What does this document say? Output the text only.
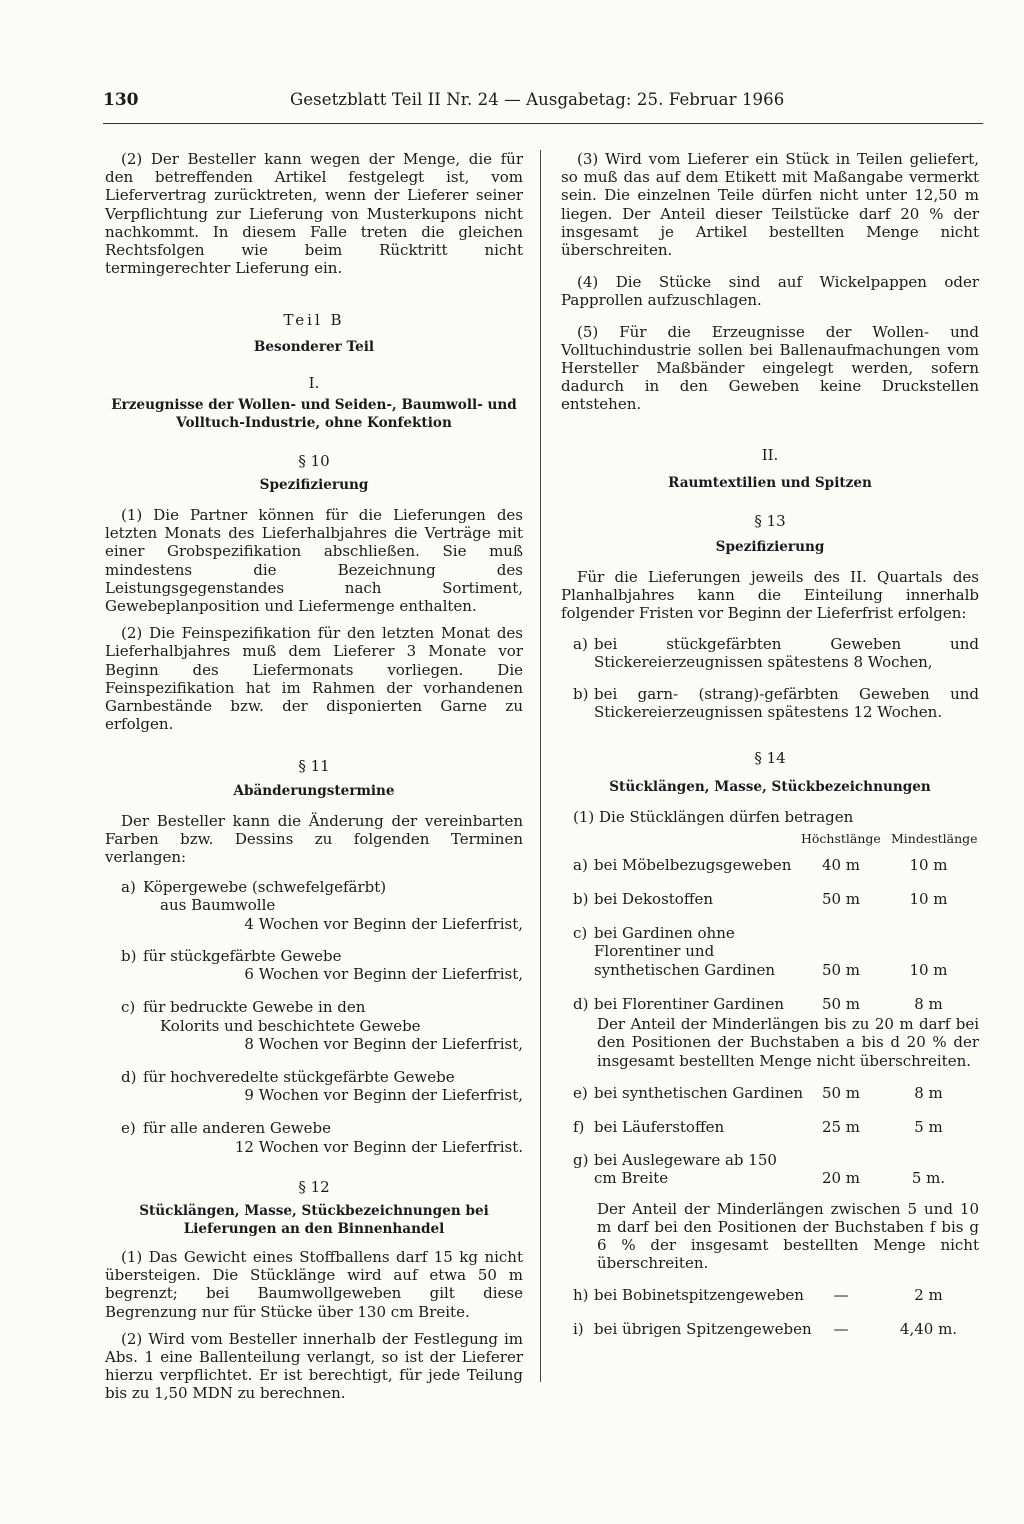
130	Gesetzblatt Teil II Nr. 24 — Ausgabetag: 25. Februar 1966

(2) Der Besteller kann wegen der Menge, die für den betreffenden Artikel festgelegt ist, vom Liefervertrag zurücktreten, wenn der Lieferer seiner Verpflichtung zur Lieferung von Musterkupons nicht nachkommt. In diesem Falle treten die gleichen Rechtsfolgen wie beim Rücktritt nicht termingerechter Lieferung ein.

Teil B

Besonderer Teil

I.

Erzeugnisse der Wollen- und Seiden-, Baumwoll- und

Volltuch-Industrie, ohne Konfektion

§ 10

Spezifizierung

(1) Die Partner können für die Lieferungen des letzten Monats des Lieferhalbjahres die Verträge mit einer Grobspezifikation abschließen. Sie muß mindestens die Bezeichnung des Leistungsgegenstandes nach Sortiment, Gewebeplanposition und Liefermenge enthalten.

(2) Die Feinspezifikation für den letzten Monat des Lieferhalbjahres muß dem Lieferer 3 Monate vor Beginn des Liefermonats vorliegen. Die Feinspezifikation hat im Rahmen der vorhandenen Garnbestände bzw. der disponierten Garne zu erfolgen.

§ 11

Abänderungstermine

Der Besteller kann die Änderung der vereinbarten Farben bzw. Dessins zu folgenden Terminen verlangen:

a) Köpergewebe (schwefelgefärbt)
aus Baumwolle
4 Wochen vor Beginn der Lieferfrist,
b) für stückgefärbte Gewebe
6 Wochen vor Beginn der Lieferfrist,
c) für bedruckte Gewebe in den
Kolorits und beschichtete Gewebe
8 Wochen vor Beginn der Lieferfrist,
d) für hochveredelte stückgefärbte Gewebe
9 Wochen vor Beginn der Lieferfrist,
e) für alle anderen Gewebe
12 Wochen vor Beginn der Lieferfrist.

§ 12

Stücklängen, Masse, Stückbezeichnungen bei

Lieferungen an den Binnenhandel

(1) Das Gewicht eines Stoffballens darf 15 kg nicht übersteigen. Die Stücklänge wird auf etwa 50 m begrenzt; bei Baumwollgeweben gilt diese Begrenzung nur für Stücke über 130 cm Breite.

(2) Wird vom Besteller innerhalb der Festlegung im Abs. 1 eine Ballenteilung verlangt, so ist der Lieferer hierzu verpflichtet. Er ist berechtigt, für jede Teilung bis zu 1,50 MDN zu berechnen.

(3) Wird vom Lieferer ein Stück in Teilen geliefert, so muß das auf dem Etikett mit Maßangabe vermerkt sein. Die einzelnen Teile dürfen nicht unter 12,50 m liegen. Der Anteil dieser Teilstücke darf 20 % der insgesamt je Artikel bestellten Menge nicht überschreiten.

(4) Die Stücke sind auf Wickelpappen oder Papprollen aufzuschlagen.

(5) Für die Erzeugnisse der Wollen- und Volltuchindustrie sollen bei Ballenaufmachungen vom Hersteller Maßbänder eingelegt werden, sofern dadurch in den Geweben keine Druckstellen entstehen.

II.

Raumtextilien und Spitzen

§ 13

Spezifizierung

Für die Lieferungen jeweils des II. Quartals des Planhalbjahres kann die Einteilung innerhalb folgender Fristen vor Beginn der Lieferfrist erfolgen:

a) bei stückgefärbten Geweben und Stickereierzeugnissen spätestens 8 Wochen,
b) bei garn- (strang)-gefärbten Geweben und Stickereierzeugnissen spätestens 12 Wochen.

§ 14

Stücklängen, Masse, Stückbezeichnungen

(1) Die Stücklängen dürfen betragen

Höchstlänge Mindestlänge
a) bei Möbelbezugsgeweben	40 m	10 m
b) bei Dekostoffen	50 m	10 m
c) bei Gardinen ohne Florentiner und synthetischen Gardinen	50 m	10 m
d) bei Florentiner Gardinen	50 m	8 m

Der Anteil der Minderlängen bis zu 20 m darf bei den Positionen der Buchstaben a bis d 20 % der insgesamt bestellten Menge nicht überschreiten.

e) bei synthetischen Gardinen	50 m	8 m
f) bei Läuferstoffen	25 m	5 m
g) bei Auslegeware ab 150 cm Breite	20 m	5 m.

Der Anteil der Minderlängen zwischen 5 und 10 m darf bei den Positionen der Buchstaben f bis g 6 % der insgesamt bestellten Menge nicht überschreiten.

h) bei Bobinetspitzengeweben	—	2 m
i) bei übrigen Spitzengeweben	—	4,40 m.
